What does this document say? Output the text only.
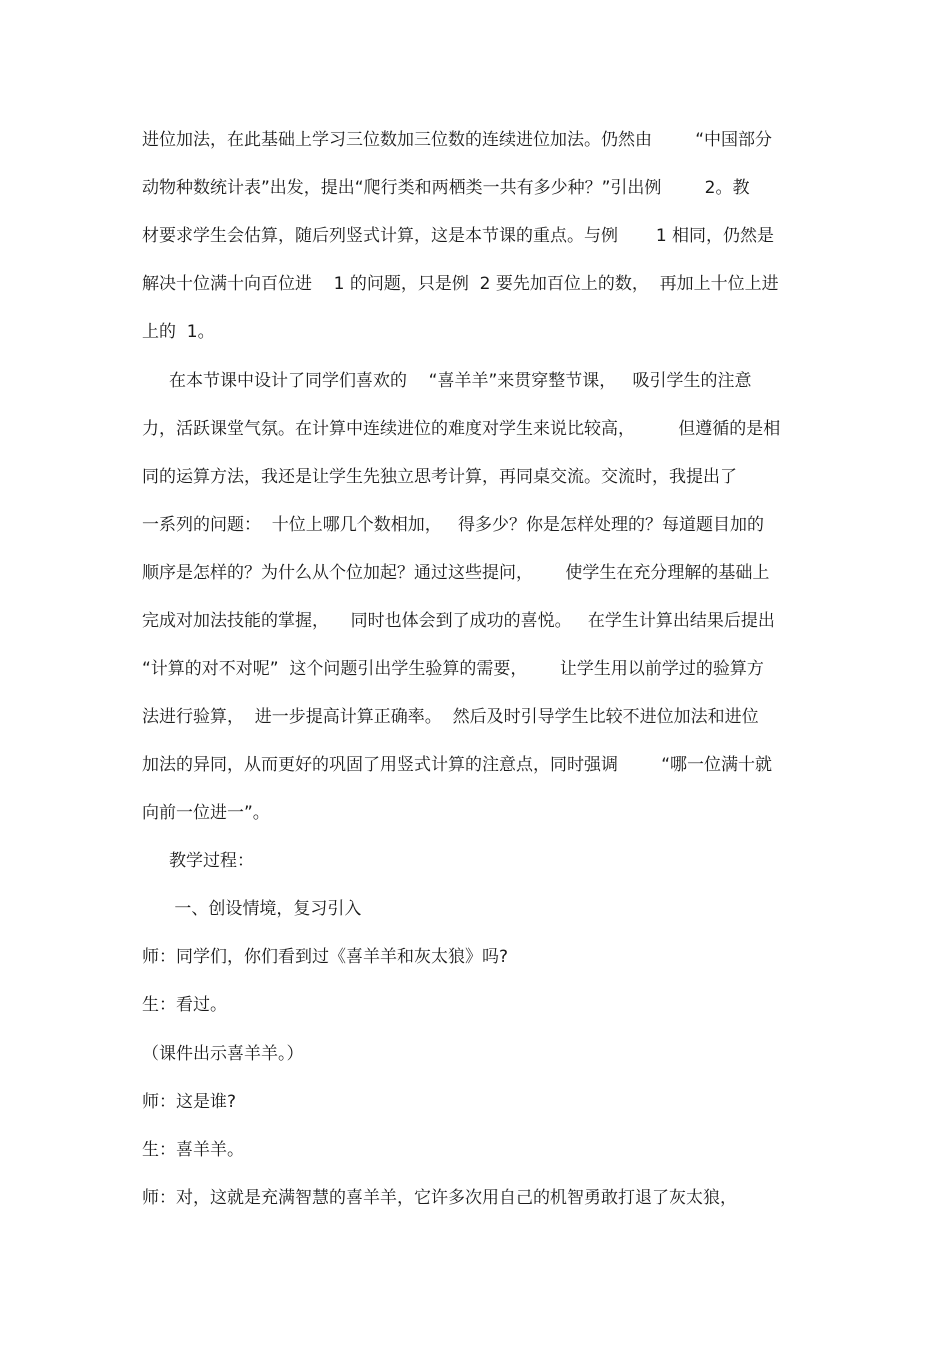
进位加法，在此基础上学习三位数加三位数的连续进位加法。仍然由        “中国部分
动物种数统计表”出发，提出“爬行类和两栖类一共有多少种？”引出例        2。教
材要求学生会估算，随后列竖式计算，这是本节课的重点。与例       1 相同，仍然是
解决十位满十向百位进    1 的问题，只是例  2 要先加百位上的数，  再加上十位上进
上的  1。
在本节课中设计了同学们喜欢的    “喜羊羊”来贯穿整节课，   吸引学生的注意
力，活跃课堂气氛。在计算中连续进位的难度对学生来说比较高，        但遵循的是相
同的运算方法，我还是让学生先独立思考计算，再同桌交流。交流时，我提出了
一系列的问题：  十位上哪几个数相加，   得多少？你是怎样处理的？每道题目加的
顺序是怎样的？为什么从个位加起？通过这些提问，      使学生在充分理解的基础上
完成对加法技能的掌握，    同时也体会到了成功的喜悦。   在学生计算出结果后提出
“计算的对不对呢”  这个问题引出学生验算的需要，      让学生用以前学过的验算方
法进行验算，  进一步提高计算正确率。  然后及时引导学生比较不进位加法和进位
加法的异同，从而更好的巩固了用竖式计算的注意点，同时强调        “哪一位满十就
向前一位进一”。
教学过程：
一、创设情境，复习引入
师：同学们，你们看到过《喜羊羊和灰太狼》吗?
生：看过。
（课件出示喜羊羊。）
师：这是谁?
生：喜羊羊。
师：对，这就是充满智慧的喜羊羊，它许多次用自己的机智勇敢打退了灰太狼，
